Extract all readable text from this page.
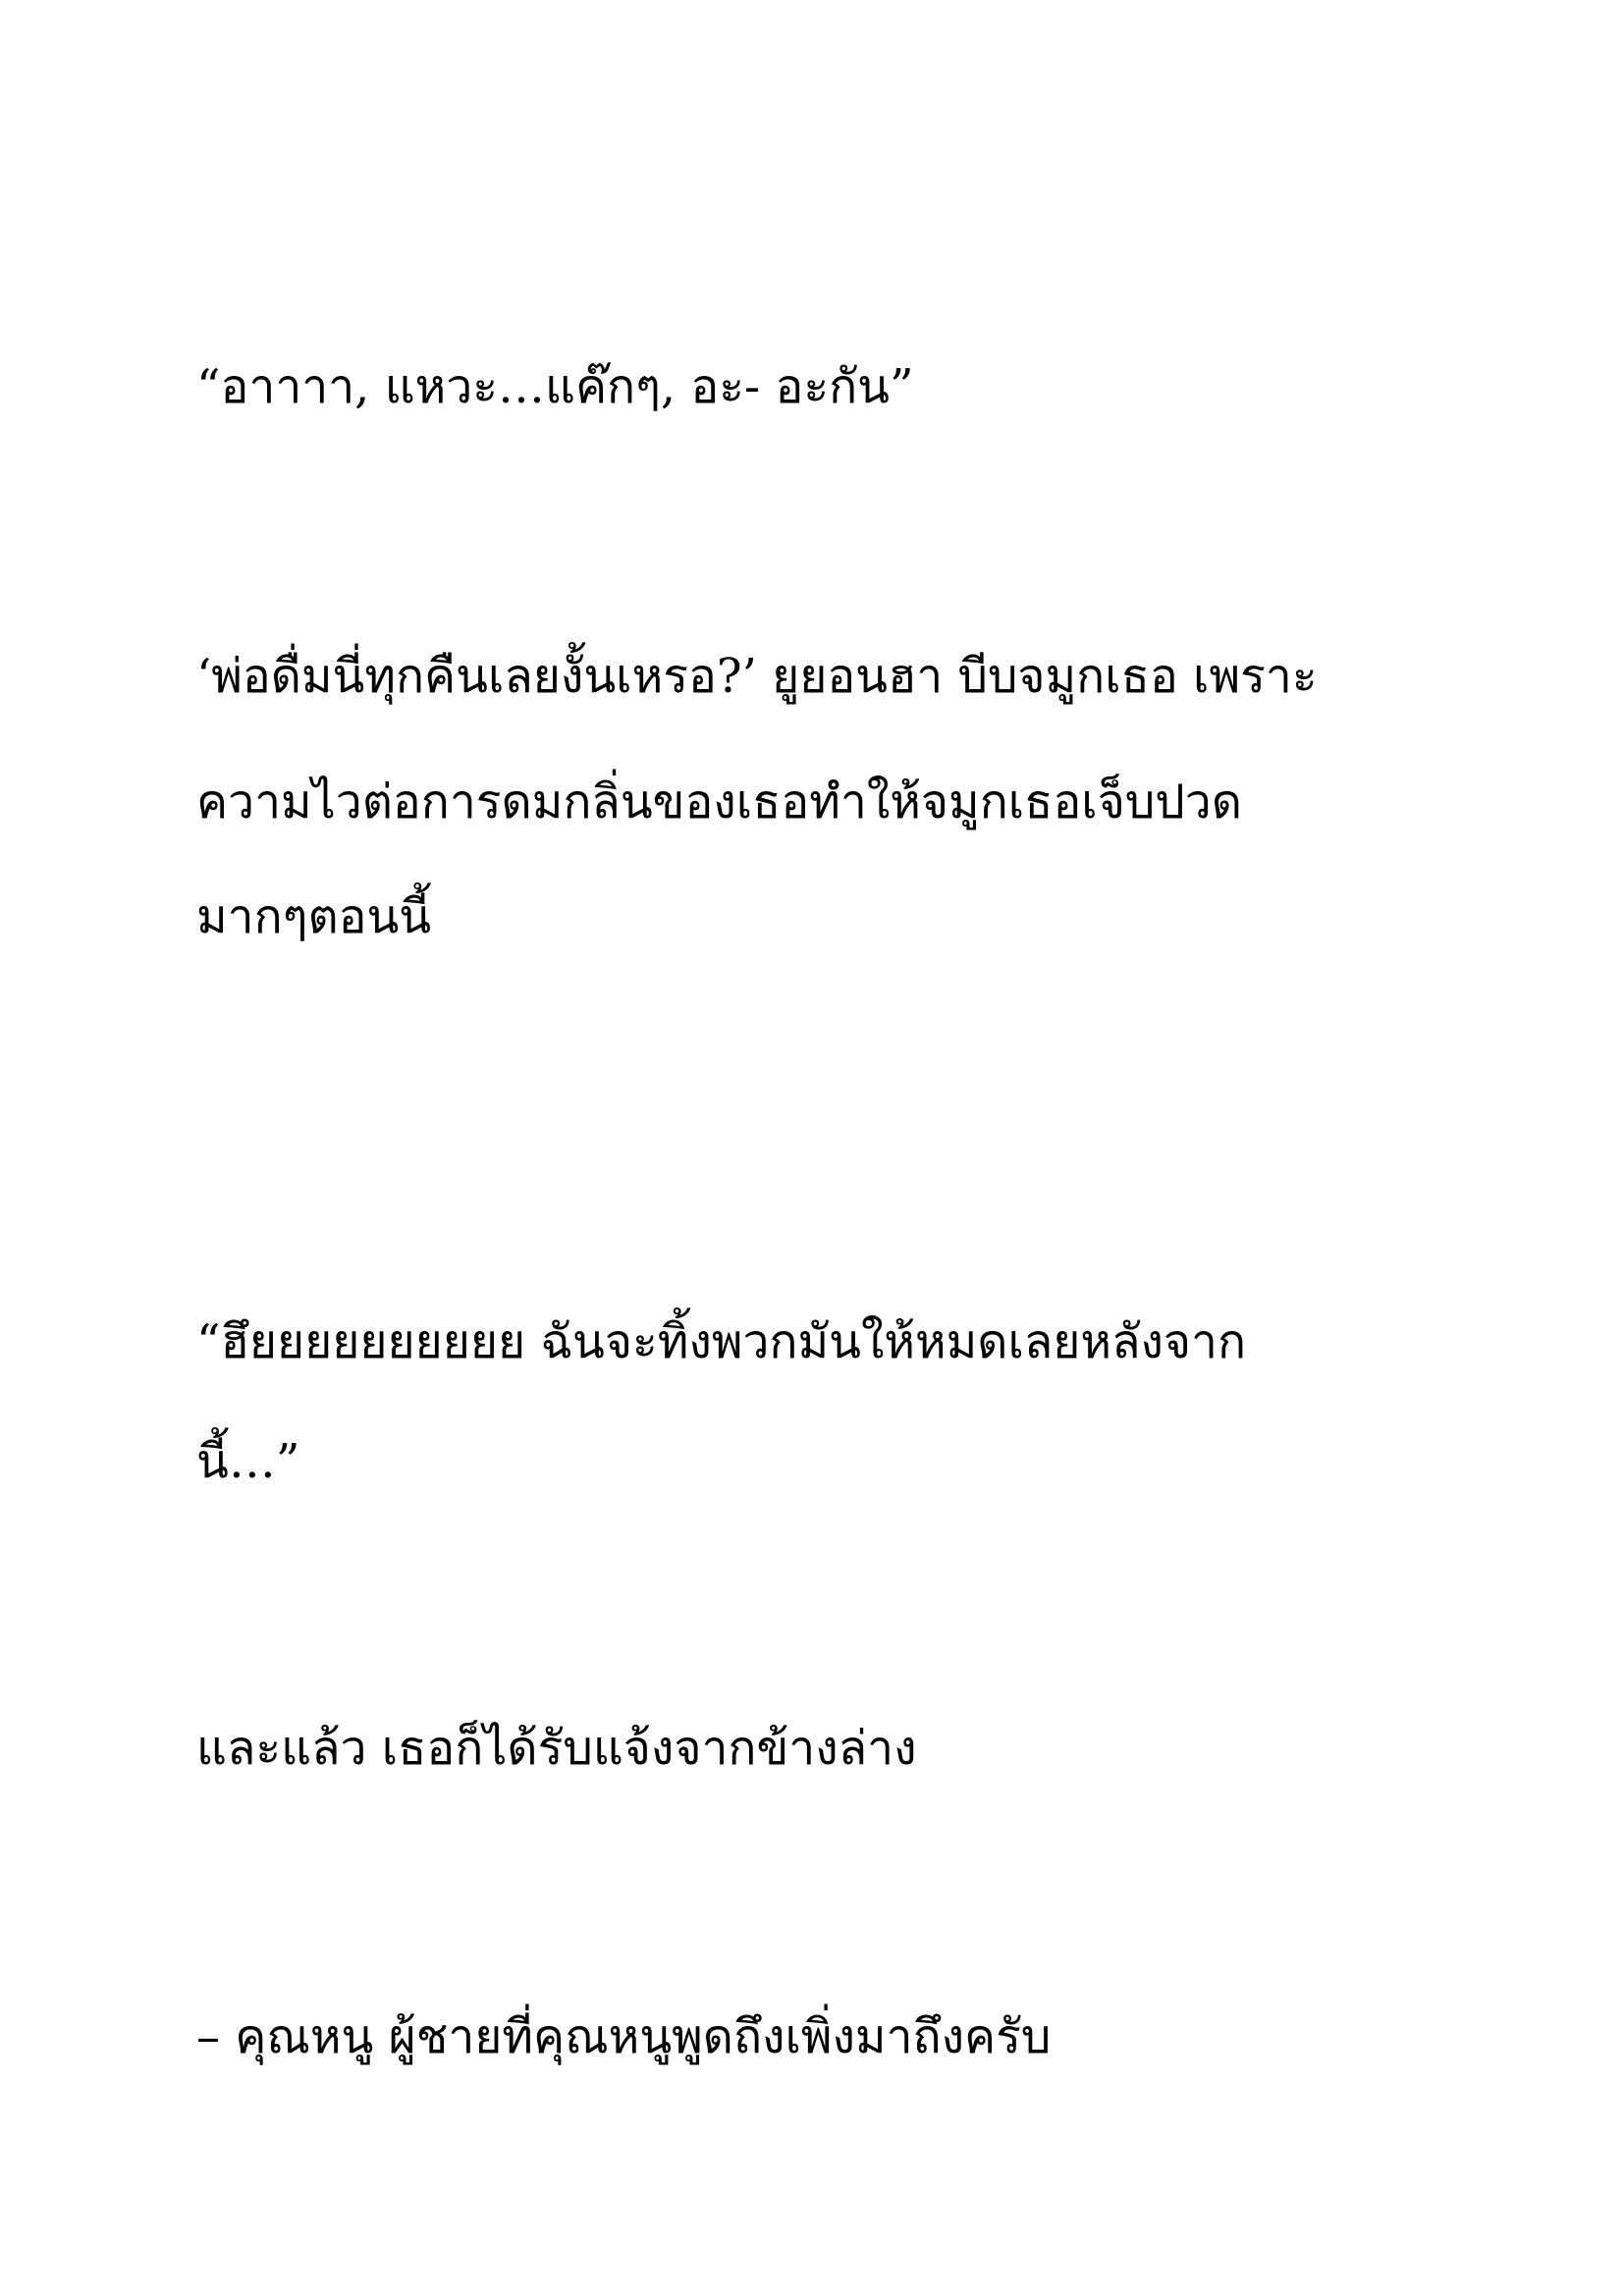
“อาาาา, แหวะ…แค๊กๆ, อะ- อะกัน”

‘พ่อดื่มนี่ทุกคืนเลยงั้นเหรอ?’ ยูยอนฮา บีบจมูกเธอ เพราะ

ความไวต่อการดมกลิ่นของเธอทำให้จมูกเธอเจ็บปวด

มากๆตอนนี้

“ฮึยยยยยยยยยย ฉันจะทิ้งพวกมันให้หมดเลยหลังจาก

นี้…”

และแล้ว เธอก็ได้รับแจ้งจากข้างล่าง

– คุณหนู ผู้ชายที่คุณหนูพูดถึงเพิ่งมาถึงครับ
